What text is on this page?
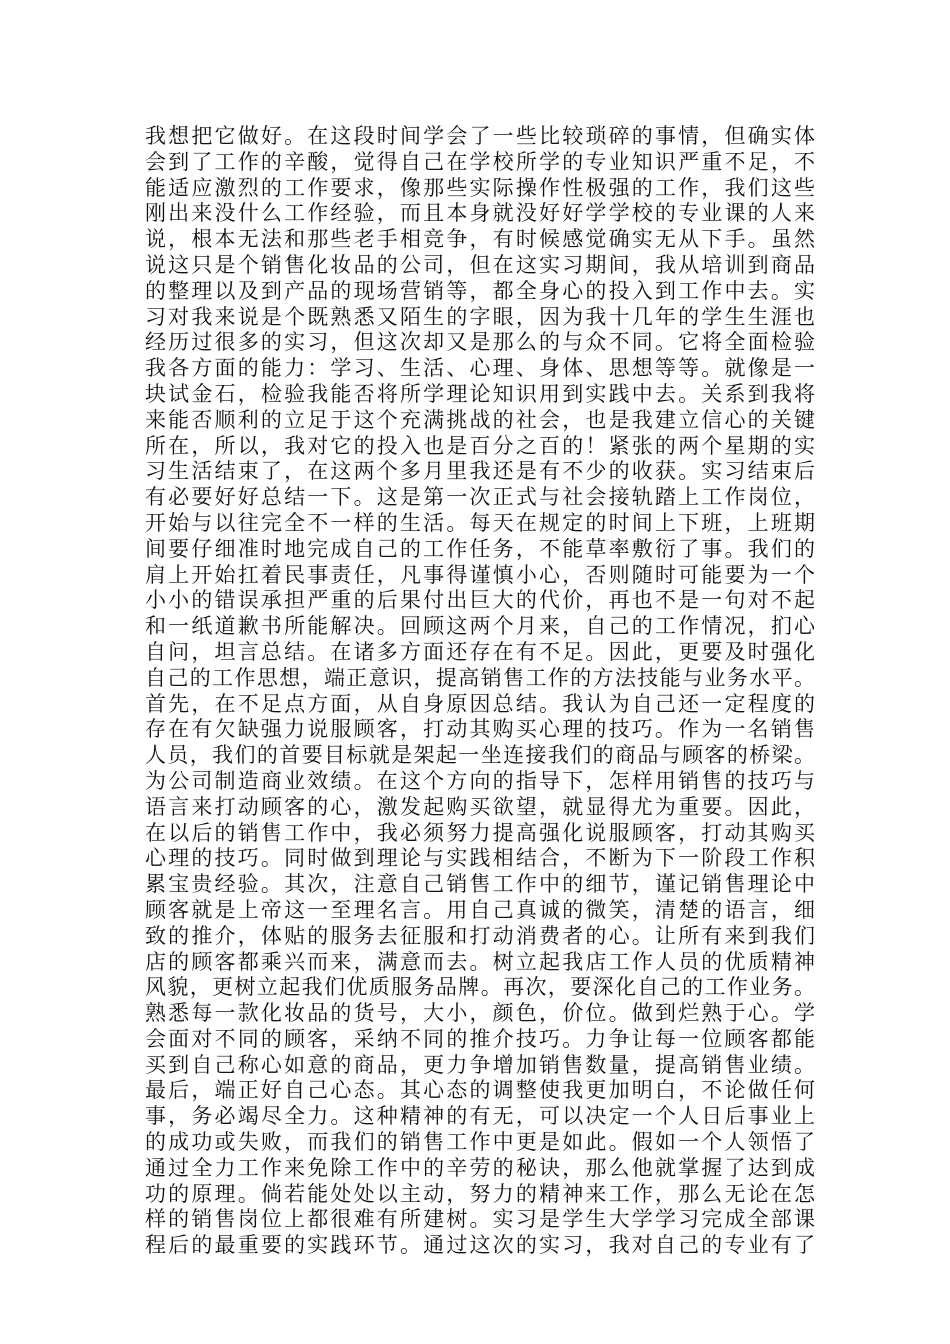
我想把它做好。在这段时间学会了一些比较琐碎的事情，但确实体
会到了工作的辛酸，觉得自己在学校所学的专业知识严重不足，不
能适应激烈的工作要求，像那些实际操作性极强的工作，我们这些
刚出来没什么工作经验，而且本身就没好好学学校的专业课的人来
说，根本无法和那些老手相竞争，有时候感觉确实无从下手。虽然
说这只是个销售化妆品的公司，但在这实习期间，我从培训到商品
的整理以及到产品的现场营销等，都全身心的投入到工作中去。实
习对我来说是个既熟悉又陌生的字眼，因为我十几年的学生生涯也
经历过很多的实习，但这次却又是那么的与众不同。它将全面检验
我各方面的能力：学习、生活、心理、身体、思想等等。就像是一
块试金石，检验我能否将所学理论知识用到实践中去。关系到我将
来能否顺利的立足于这个充满挑战的社会，也是我建立信心的关键
所在，所以，我对它的投入也是百分之百的！紧张的两个星期的实
习生活结束了，在这两个多月里我还是有不少的收获。实习结束后
有必要好好总结一下。这是第一次正式与社会接轨踏上工作岗位，
开始与以往完全不一样的生活。每天在规定的时间上下班，上班期
间要仔细准时地完成自己的工作任务，不能草率敷衍了事。我们的
肩上开始扛着民事责任，凡事得谨慎小心，否则随时可能要为一个
小小的错误承担严重的后果付出巨大的代价，再也不是一句对不起
和一纸道歉书所能解决。回顾这两个月来，自己的工作情况，扪心
自问，坦言总结。在诸多方面还存在有不足。因此，更要及时强化
自己的工作思想，端正意识，提高销售工作的方法技能与业务水平。
首先，在不足点方面，从自身原因总结。我认为自己还一定程度的
存在有欠缺强力说服顾客，打动其购买心理的技巧。作为一名销售
人员，我们的首要目标就是架起一坐连接我们的商品与顾客的桥梁。
为公司制造商业效绩。在这个方向的指导下，怎样用销售的技巧与
语言来打动顾客的心，激发起购买欲望，就显得尤为重要。因此，
在以后的销售工作中，我必须努力提高强化说服顾客，打动其购买
心理的技巧。同时做到理论与实践相结合，不断为下一阶段工作积
累宝贵经验。其次，注意自己销售工作中的细节，谨记销售理论中
顾客就是上帝这一至理名言。用自己真诚的微笑，清楚的语言，细
致的推介，体贴的服务去征服和打动消费者的心。让所有来到我们
店的顾客都乘兴而来，满意而去。树立起我店工作人员的优质精神
风貌，更树立起我们优质服务品牌。再次，要深化自己的工作业务。
熟悉每一款化妆品的货号，大小，颜色，价位。做到烂熟于心。学
会面对不同的顾客，采纳不同的推介技巧。力争让每一位顾客都能
买到自己称心如意的商品，更力争增加销售数量，提高销售业绩。
最后，端正好自己心态。其心态的调整使我更加明白，不论做任何
事，务必竭尽全力。这种精神的有无，可以决定一个人日后事业上
的成功或失败，而我们的销售工作中更是如此。假如一个人领悟了
通过全力工作来免除工作中的辛劳的秘诀，那么他就掌握了达到成
功的原理。倘若能处处以主动，努力的精神来工作，那么无论在怎
样的销售岗位上都很难有所建树。实习是学生大学学习完成全部课
程后的最重要的实践环节。通过这次的实习，我对自己的专业有了
